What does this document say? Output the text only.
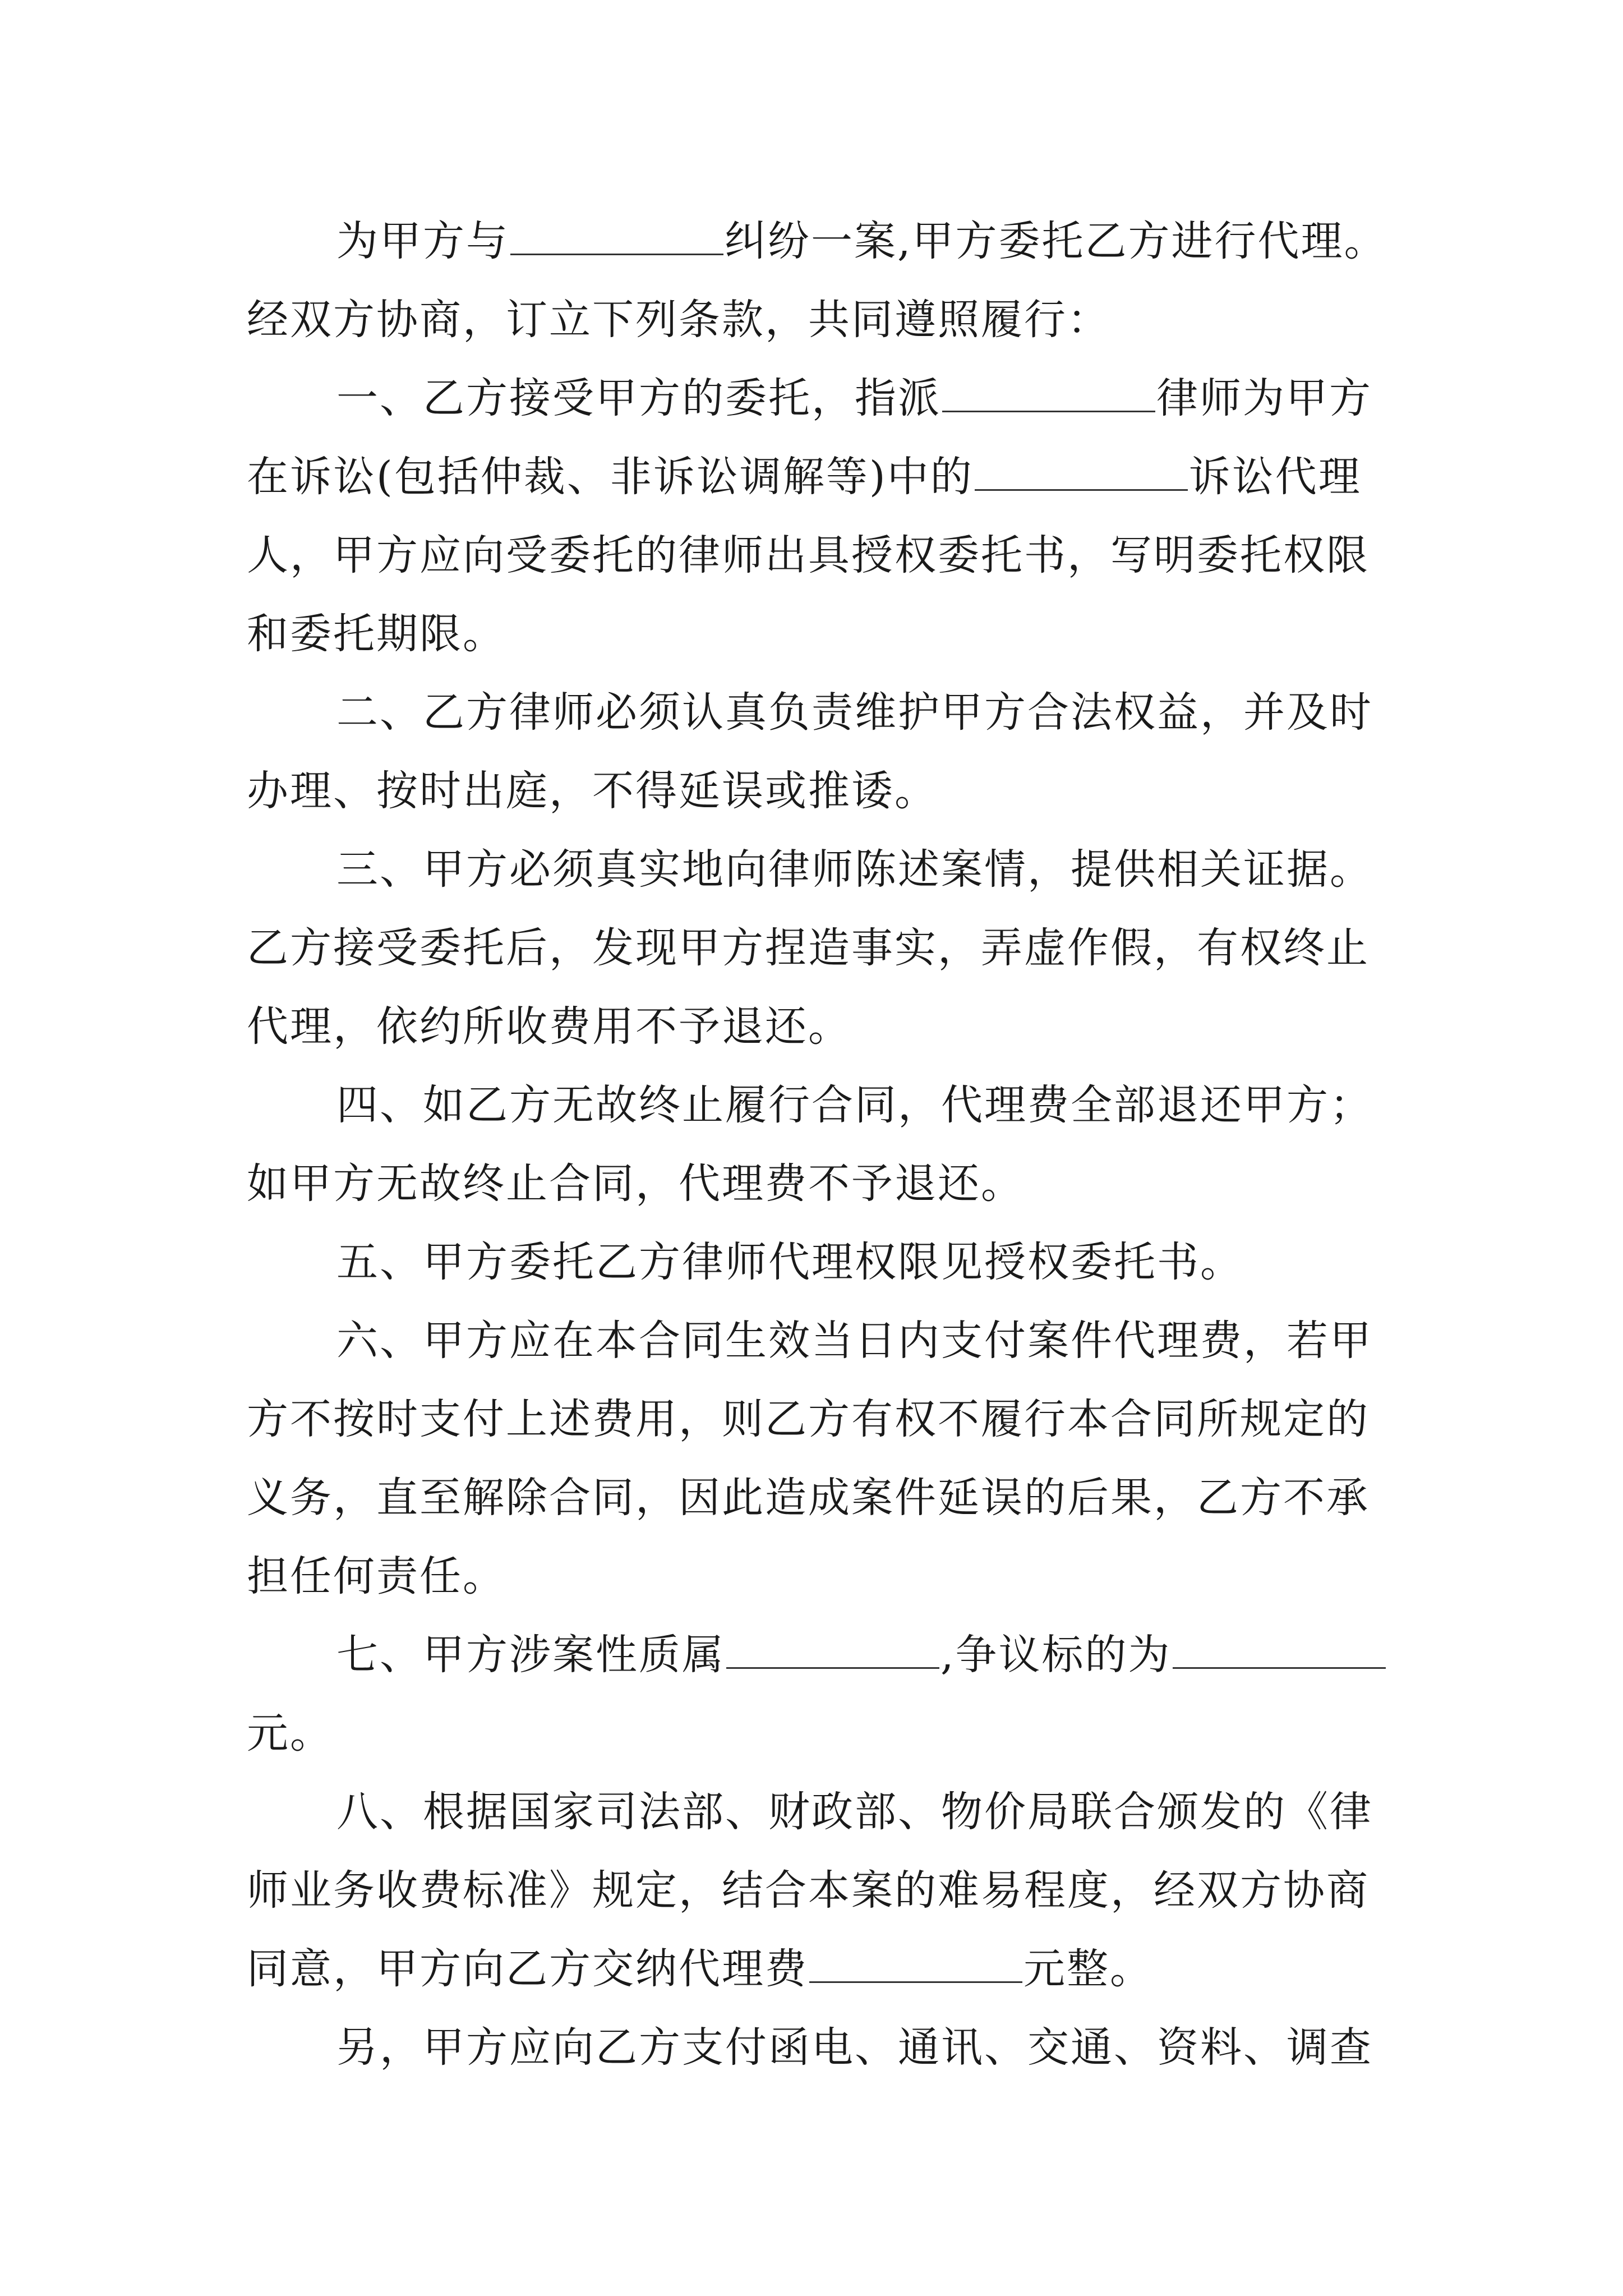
为甲方与	纠纷一案,甲方委托乙方进行代理。
经双方协商，订立下列条款，共同遵照履行：
一、乙方接受甲方的委托，指派	律师为甲方
在诉讼(包括仲裁、非诉讼调解等)中的	诉讼代理
人，甲方应向受委托的律师出具授权委托书，写明委托权限
和委托期限。
二、乙方律师必须认真负责维护甲方合法权益，并及时
办理、按时出庭，不得延误或推诿。
三、甲方必须真实地向律师陈述案情，提供相关证据。
乙方接受委托后，发现甲方捏造事实，弄虚作假，有权终止
代理，依约所收费用不予退还。
四、如乙方无故终止履行合同，代理费全部退还甲方；
如甲方无故终止合同，代理费不予退还。
五、甲方委托乙方律师代理权限见授权委托书。
六、甲方应在本合同生效当日内支付案件代理费，若甲
方不按时支付上述费用，则乙方有权不履行本合同所规定的
义务，直至解除合同，因此造成案件延误的后果，乙方不承
担任何责任。
七、甲方涉案性质属	,争议标的为
元。
八、根据国家司法部、财政部、物价局联合颁发的《律
师业务收费标准》规定，结合本案的难易程度，经双方协商
同意，甲方向乙方交纳代理费	元整。
另，甲方应向乙方支付函电、通讯、交通、资料、调查
